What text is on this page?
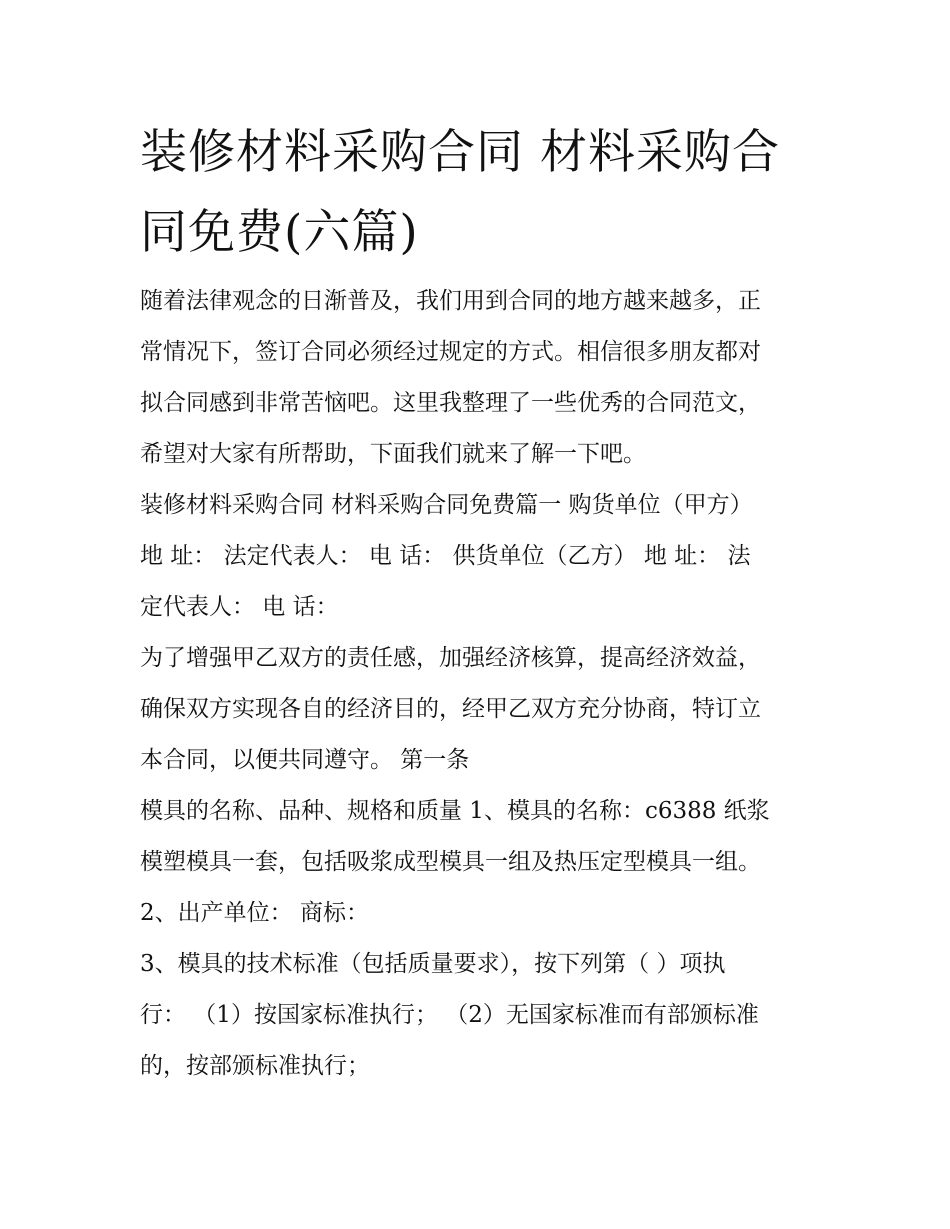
装修材料采购合同 材料采购合
同免费(六篇)

随着法律观念的日渐普及，我们用到合同的地方越来越多，正
常情况下，签订合同必须经过规定的方式。相信很多朋友都对
拟合同感到非常苦恼吧。这里我整理了一些优秀的合同范文，
希望对大家有所帮助，下面我们就来了解一下吧。

装修材料采购合同 材料采购合同免费篇一 购货单位（甲方）
地 址： 法定代表人： 电 话： 供货单位（乙方） 地 址： 法
定代表人： 电 话：

为了增强甲乙双方的责任感，加强经济核算，提高经济效益，
确保双方实现各自的经济目的，经甲乙双方充分协商，特订立
本合同，以便共同遵守。 第一条

模具的名称、品种、规格和质量 1、模具的名称：c6388 纸浆
模塑模具一套，包括吸浆成型模具一组及热压定型模具一组。

2、出产单位： 商标：

3、模具的技术标准（包括质量要求），按下列第（ ）项执
行： （1）按国家标准执行； （2）无国家标准而有部颁标准
的，按部颁标准执行；
